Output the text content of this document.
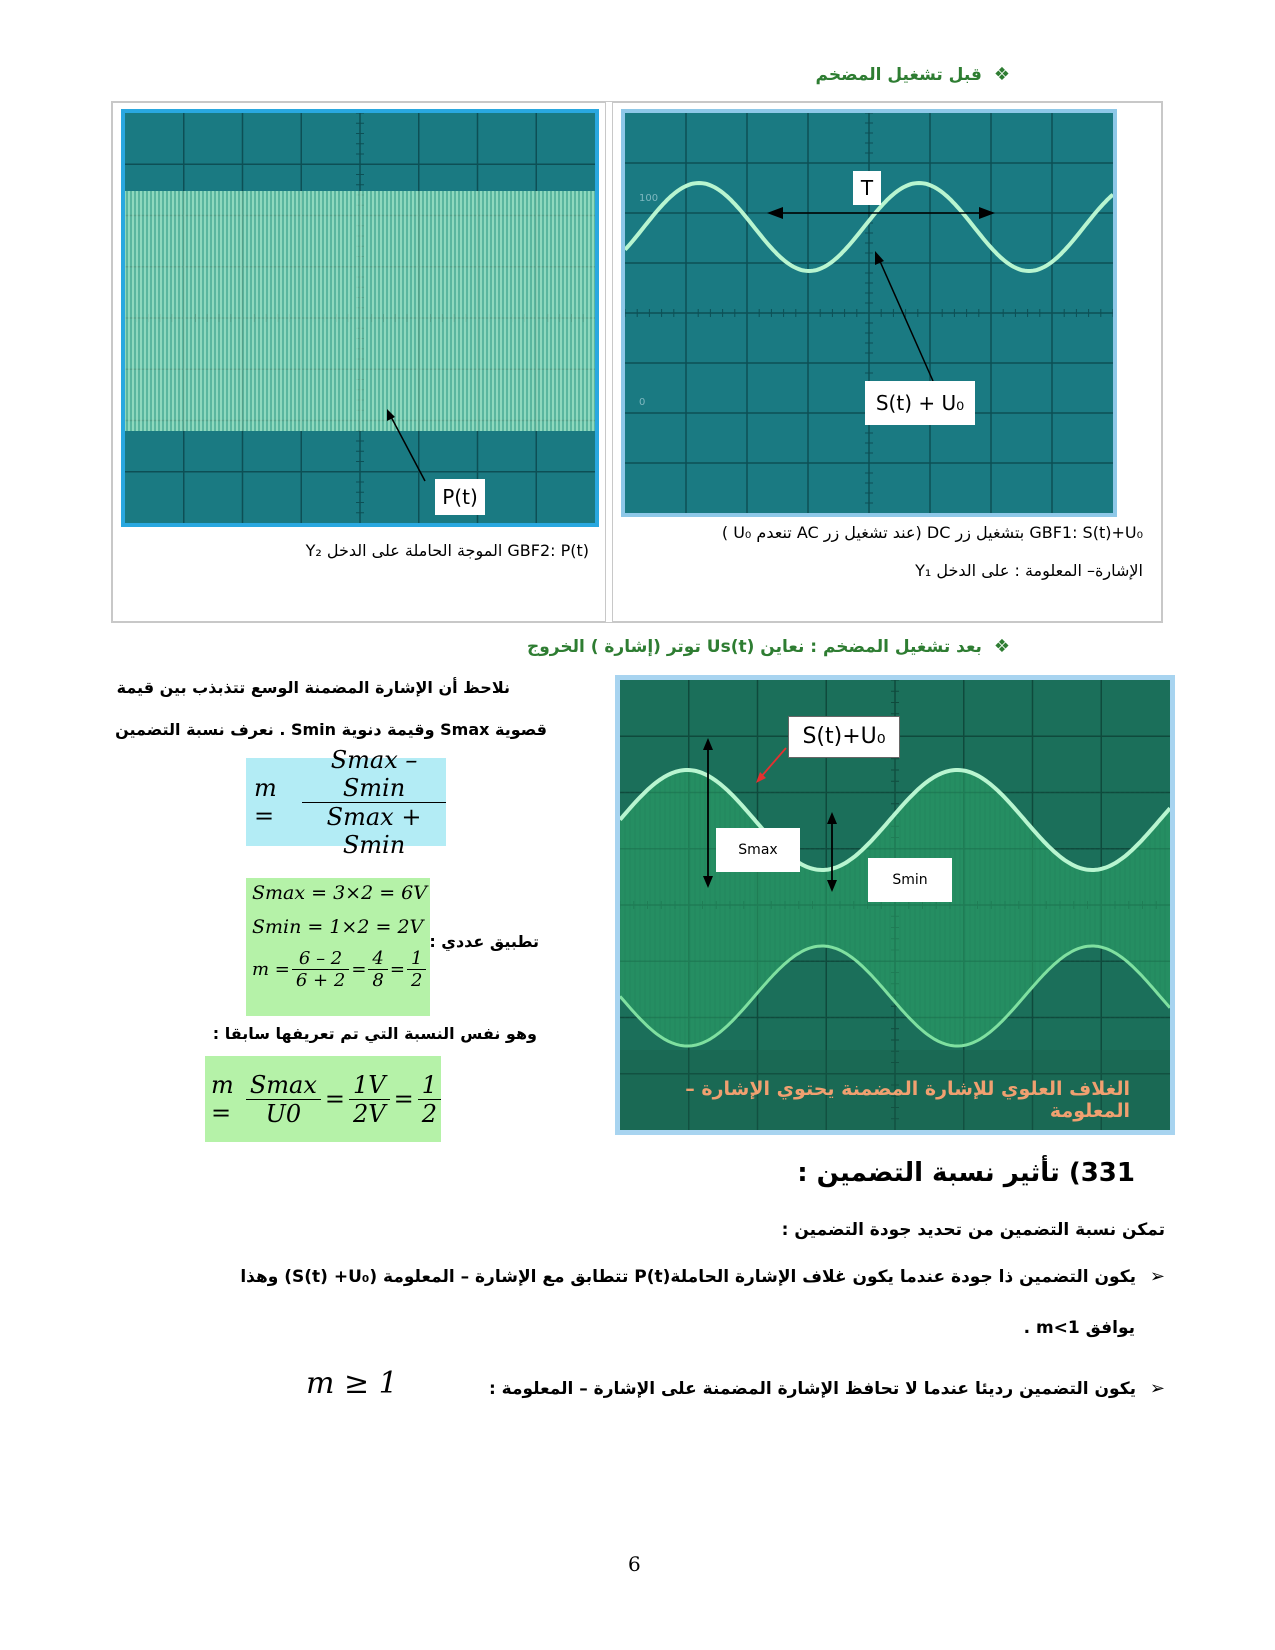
❖ قبل تشغيل المضخم
P(t)
GBF2: P(t) الموجة الحاملة على الدخل Y₂
100
0
T
S(t) + U₀
GBF1: S(t)+U₀ بتشغيل زر DC (عند تشغيل زر AC تنعدم U₀ )
الإشارة– المعلومة : على الدخل Y₁
❖ بعد تشغيل المضخم : نعاين Us(t) توتر (إشارة ) الخروج
S(t)+U₀
Smax
Smin
الغلاف العلوي للإشارة المضمنة يحتوي الإشارة – المعلومة
نلاحظ أن الإشارة المضمنة الوسع تتذبذب بين قيمة
قصوية Smax وقيمة دنوية Smin . نعرف نسبة التضمين
m =	$\frac{Smax - Smin}{Smax + Smin}$
Smax = 3×2 = 6V
Smin = 1×2 = 2V
$m = \frac{6 - 2}{6 + 2} = \frac{4}{8} = \frac{1}{2}$
تطبيق عددي :
وهو نفس النسبة التي تم تعريفها سابقا :
$m = \frac{Smax}{U0} = \frac{1V}{2V} = \frac{1}{2}$
331) تأثير نسبة التضمين :
تمكن نسبة التضمين من تحديد جودة التضمين :
➢ يكون التضمين ذا جودة عندما يكون غلاف الإشارة الحاملةP(t) تتطابق مع الإشارة – المعلومة (S(t) +U₀) وهذا
يوافق m<1 .
➢ يكون التضمين رديئا عندما لا تحافظ الإشارة المضمنة على الإشارة – المعلومة :
m ≥ 1
6
